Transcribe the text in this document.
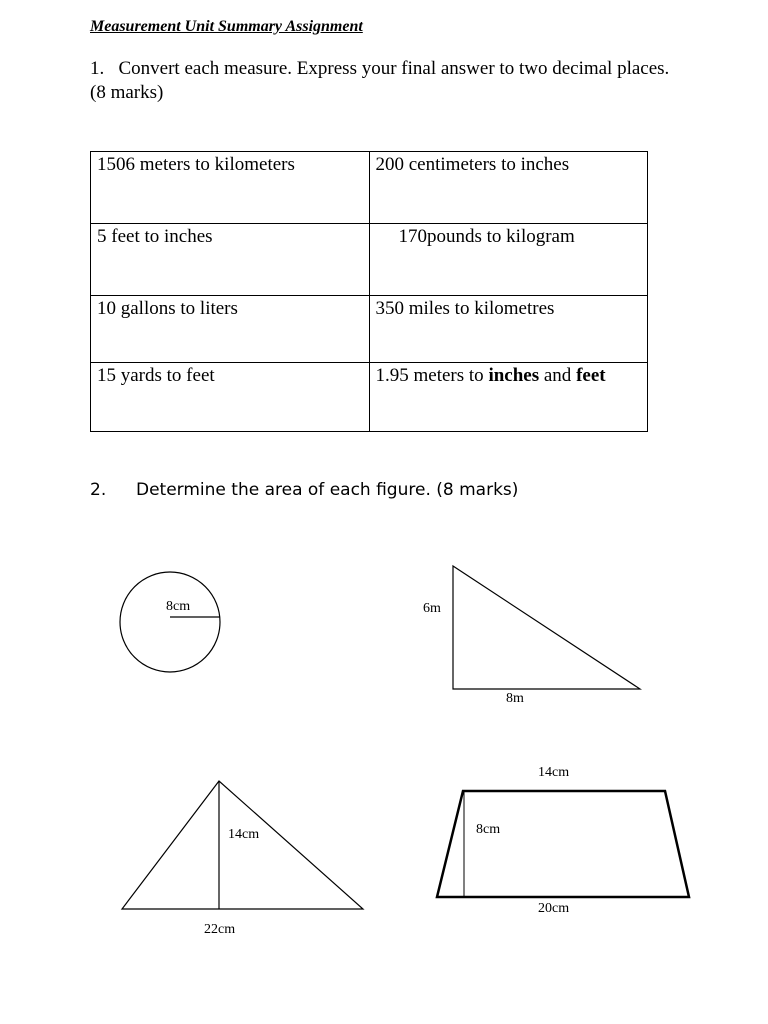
Measurement Unit Summary Assignment
1. Convert each measure. Express your final answer to two decimal places. (8 marks)
1506 meters to kilometers	200 centimeters to inches
5 feet to inches	170pounds to kilogram
10 gallons to liters	350 miles to kilometres
15 yards to feet	1.95 meters to inches and feet
2. Determine the area of each figure. (8 marks)
8cm	6m
8m
14cm
22cm
14cm
8cm
20cm
